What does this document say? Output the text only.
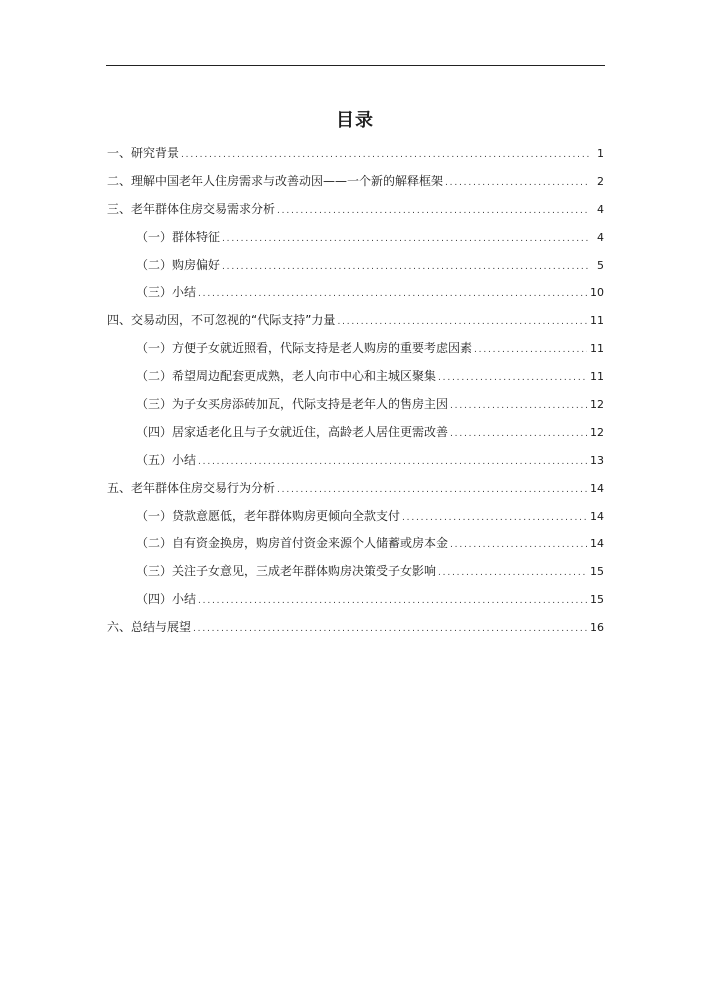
目录
一、研究背景 .....	1
二、理解中国老年人住房需求与改善动因——一个新的解释框架 .....	2
三、老年群体住房交易需求分析 .....	4
（一）群体特征 .....	4
（二）购房偏好 .....	5
（三）小结 .....	10
四、交易动因，不可忽视的“代际支持”力量 .....	11
（一）方便子女就近照看，代际支持是老人购房的重要考虑因素 .....	11
（二）希望周边配套更成熟，老人向市中心和主城区聚集 .....	11
（三）为子女买房添砖加瓦，代际支持是老年人的售房主因 .....	12
（四）居家适老化且与子女就近住，高龄老人居住更需改善 .....	12
（五）小结 .....	13
五、老年群体住房交易行为分析 .....	14
（一）贷款意愿低，老年群体购房更倾向全款支付 .....	14
（二）自有资金换房，购房首付资金来源个人储蓄或房本金 .....	14
（三）关注子女意见，三成老年群体购房决策受子女影响 .....	15
（四）小结 .....	15
六、总结与展望 .....	16
